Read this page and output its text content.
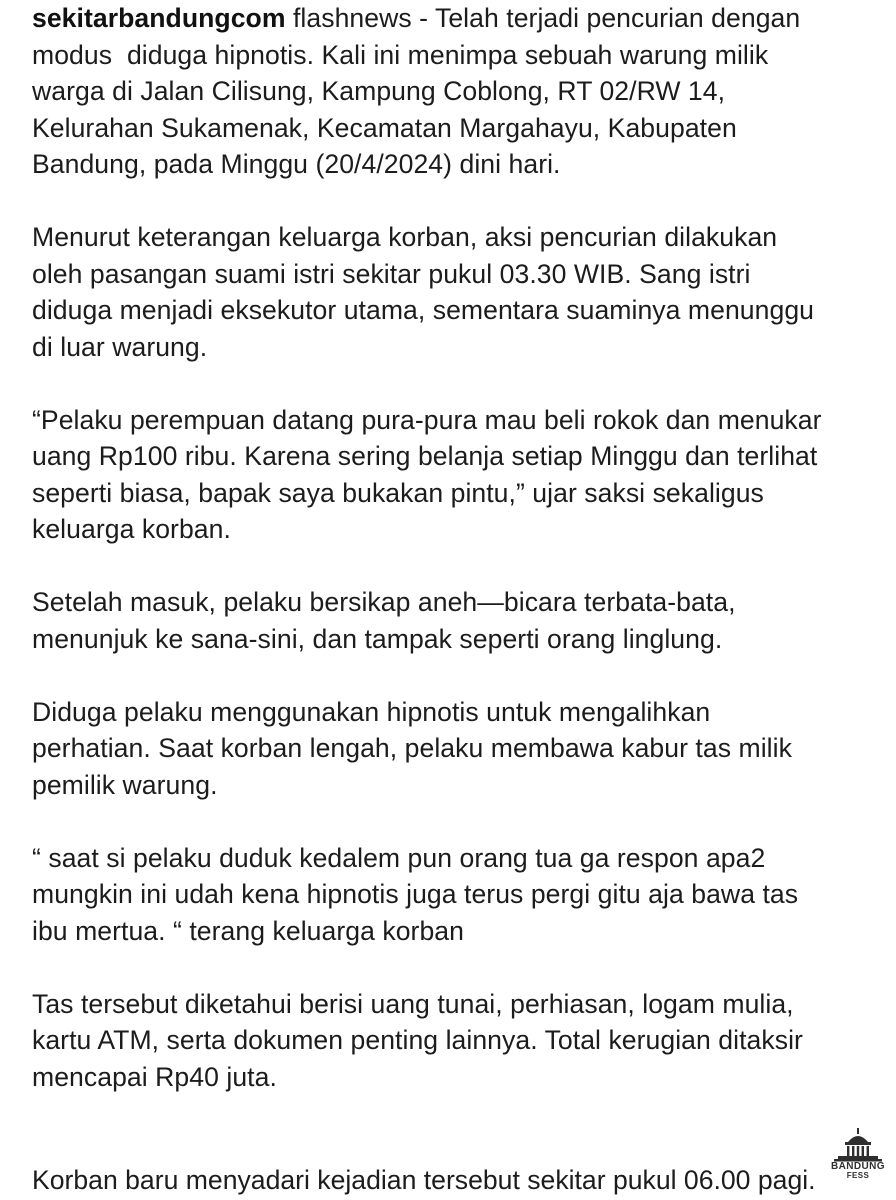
sekitarbandungcom flashnews - Telah terjadi pencurian dengan
modus  diduga hipnotis. Kali ini menimpa sebuah warung milik
warga di Jalan Cilisung, Kampung Coblong, RT 02/RW 14,
Kelurahan Sukamenak, Kecamatan Margahayu, Kabupaten
Bandung, pada Minggu (20/4/2024) dini hari.

Menurut keterangan keluarga korban, aksi pencurian dilakukan
oleh pasangan suami istri sekitar pukul 03.30 WIB. Sang istri
diduga menjadi eksekutor utama, sementara suaminya menunggu
di luar warung.

“Pelaku perempuan datang pura-pura mau beli rokok dan menukar
uang Rp100 ribu. Karena sering belanja setiap Minggu dan terlihat
seperti biasa, bapak saya bukakan pintu,” ujar saksi sekaligus
keluarga korban.

Setelah masuk, pelaku bersikap aneh—bicara terbata-bata,
menunjuk ke sana-sini, dan tampak seperti orang linglung.

Diduga pelaku menggunakan hipnotis untuk mengalihkan
perhatian. Saat korban lengah, pelaku membawa kabur tas milik
pemilik warung.

“ saat si pelaku duduk kedalem pun orang tua ga respon apa2
mungkin ini udah kena hipnotis juga terus pergi gitu aja bawa tas
ibu mertua. “ terang keluarga korban

Tas tersebut diketahui berisi uang tunai, perhiasan, logam mulia,
kartu ATM, serta dokumen penting lainnya. Total kerugian ditaksir
mencapai Rp40 juta.

Korban baru menyadari kejadian tersebut sekitar pukul 06.00 pagi.	BANDUNG
FESS
